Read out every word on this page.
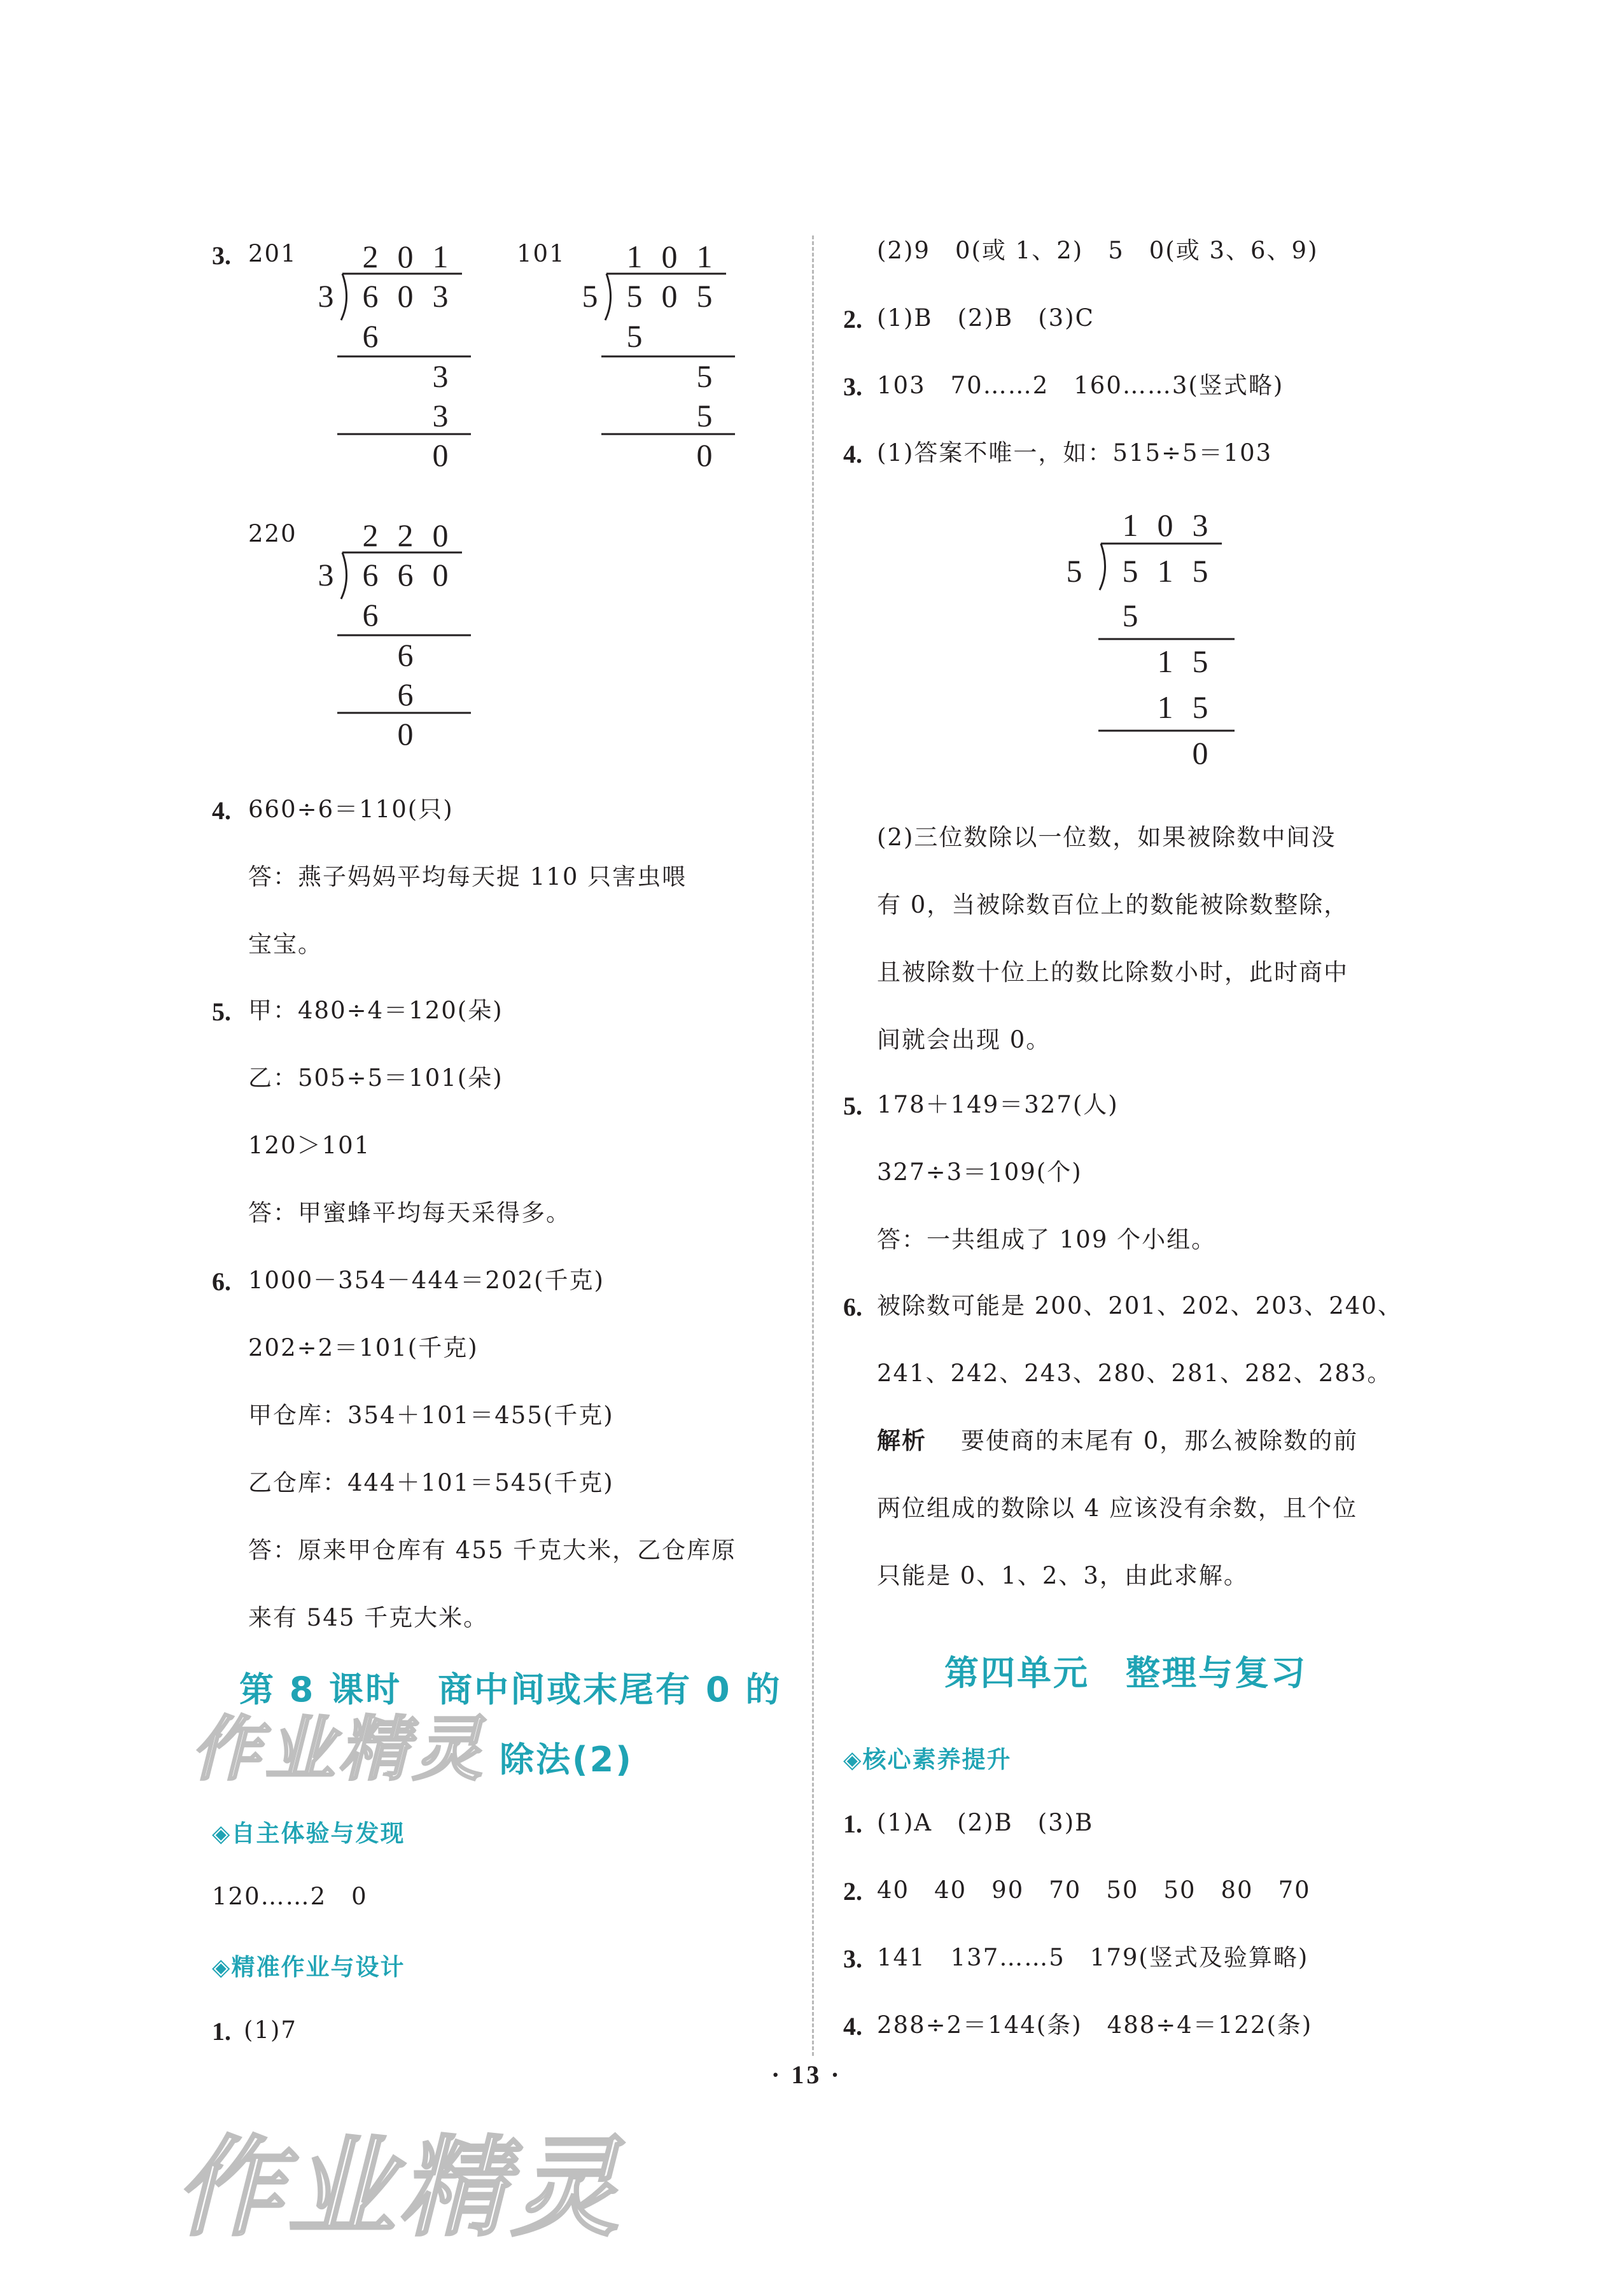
3. 201	101
220
2 0 1
3 6 0 3
6
3
3
0
1 0 1
5 5 0 5
5
5
5
0
2 2 0
3 6 6 0
6
6
6
0
4. 660÷6＝110(只)
答：燕子妈妈平均每天捉 110 只害虫喂
宝宝。
5. 甲：480÷4＝120(朵)
乙：505÷5＝101(朵)
120＞101
答：甲蜜蜂平均每天采得多。
6. 1000－354－444＝202(千克)
202÷2＝101(千克)
甲仓库：354＋101＝455(千克)
乙仓库：444＋101＝545(千克)
答：原来甲仓库有 455 千克大米，乙仓库原
来有 545 千克大米。
第 8 课时　商中间或末尾有 0 的
除法(2)
作业精灵
◈自主体验与发现
120……2　0
◈精准作业与设计
1. (1)7
(2)9　0(或 1、2)　5　0(或 3、6、9)
2. (1)B　(2)B　(3)C
3. 103　70……2　160……3(竖式略)
4. (1)答案不唯一，如：515÷5＝103
1 0 3
5 5 1 5
5
1 5
1 5
0
(2)三位数除以一位数，如果被除数中间没
有 0，当被除数百位上的数能被除数整除，
且被除数十位上的数比除数小时，此时商中
间就会出现 0。
5. 178＋149＝327(人)
327÷3＝109(个)
答：一共组成了 109 个小组。
6. 被除数可能是 200、201、202、203、240、
241、242、243、280、281、282、283。
解析 要使商的末尾有 0，那么被除数的前
两位组成的数除以 4 应该没有余数，且个位
只能是 0、1、2、3，由此求解。
第四单元　整理与复习
◈核心素养提升
1. (1)A　(2)B　(3)B
2. 40　40　90　70　50　50　80　70
3. 141　137……5　179(竖式及验算略)
4. 288÷2＝144(条)　488÷4＝122(条)
· 13 ·
作业精灵
